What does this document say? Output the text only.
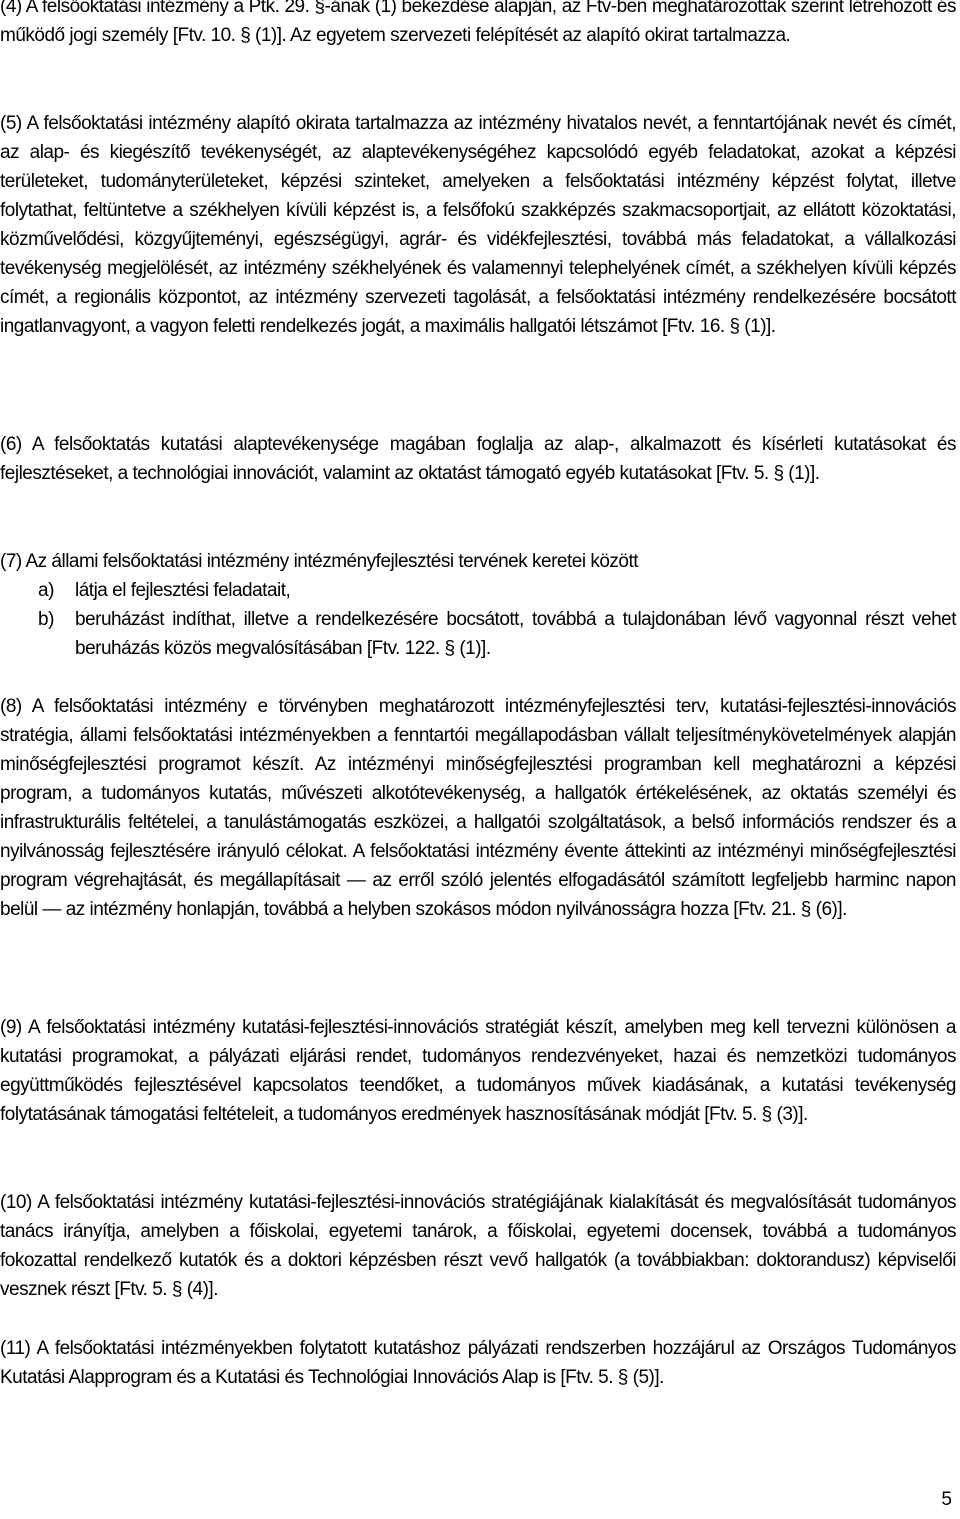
(4) A felsőoktatási intézmény a Ptk. 29. §-ának (1) bekezdése alapján, az Ftv-ben meghatározottak szerint létrehozott és működő jogi személy [Ftv. 10. § (1)]. Az egyetem szervezeti felépítését az alapító okirat tartalmazza.

(5) A felsőoktatási intézmény alapító okirata tartalmazza az intézmény hivatalos nevét, a fenntartójának nevét és címét, az alap- és kiegészítő tevékenységét, az alaptevékenységéhez kapcsolódó egyéb feladatokat, azokat a képzési területeket, tudományterületeket, képzési szinteket, amelyeken a felsőoktatási intézmény képzést folytat, illetve folytathat, feltüntetve a székhelyen kívüli képzést is, a felsőfokú szakképzés szakmacsoportjait, az ellátott közoktatási, közművelődési, közgyűjteményi, egészségügyi, agrár- és vidékfejlesztési, továbbá más feladatokat, a vállalkozási tevékenység megjelölését, az intézmény székhelyének és valamennyi telephelyének címét, a székhelyen kívüli képzés címét, a regionális központot, az intézmény szervezeti tagolását, a felsőoktatási intézmény rendelkezésére bocsátott ingatlanvagyont, a vagyon feletti rendelkezés jogát, a maximális hallgatói létszámot [Ftv. 16. § (1)].

(6) A felsőoktatás kutatási alaptevékenysége magában foglalja az alap-, alkalmazott és kísérleti kutatásokat és fejlesztéseket, a technológiai innovációt, valamint az oktatást támogató egyéb kutatásokat [Ftv. 5. § (1)].

(7) Az állami felsőoktatási intézmény intézményfejlesztési tervének keretei között

a) látja el fejlesztési feladatait,
b) beruházást indíthat, illetve a rendelkezésére bocsátott, továbbá a tulajdonában lévő vagyonnal részt vehet beruházás közös megvalósításában [Ftv. 122. § (1)].

(8) A felsőoktatási intézmény e törvényben meghatározott intézményfejlesztési terv, kutatási-fejlesztési-innovációs stratégia, állami felsőoktatási intézményekben a fenntartói megállapodásban vállalt teljesítménykövetelmények alapján minőségfejlesztési programot készít. Az intézményi minőségfejlesztési programban kell meghatározni a képzési program, a tudományos kutatás, művészeti alkotótevékenység, a hallgatók értékelésének, az oktatás személyi és infrastrukturális feltételei, a tanulástámogatás eszközei, a hallgatói szolgáltatások, a belső információs rendszer és a nyilvánosság fejlesztésére irányuló célokat. A felsőoktatási intézmény évente áttekinti az intézményi minőségfejlesztési program végrehajtását, és megállapításait — az erről szóló jelentés elfogadásától számított legfeljebb harminc napon belül — az intézmény honlapján, továbbá a helyben szokásos módon nyilvánosságra hozza [Ftv. 21. § (6)].

(9) A felsőoktatási intézmény kutatási-fejlesztési-innovációs stratégiát készít, amelyben meg kell tervezni különösen a kutatási programokat, a pályázati eljárási rendet, tudományos rendezvényeket, hazai és nemzetközi tudományos együttműködés fejlesztésével kapcsolatos teendőket, a tudományos művek kiadásának, a kutatási tevékenység folytatásának támogatási feltételeit, a tudományos eredmények hasznosításának módját [Ftv. 5. § (3)].

(10) A felsőoktatási intézmény kutatási-fejlesztési-innovációs stratégiájának kialakítását és megvalósítását tudományos tanács irányítja, amelyben a főiskolai, egyetemi tanárok, a főiskolai, egyetemi docensek, továbbá a tudományos fokozattal rendelkező kutatók és a doktori képzésben részt vevő hallgatók (a továbbiakban: doktorandusz) képviselői vesznek részt [Ftv. 5. § (4)].

(11) A felsőoktatási intézményekben folytatott kutatáshoz pályázati rendszerben hozzájárul az Országos Tudományos Kutatási Alapprogram és a Kutatási és Technológiai Innovációs Alap is [Ftv. 5. § (5)].

5
